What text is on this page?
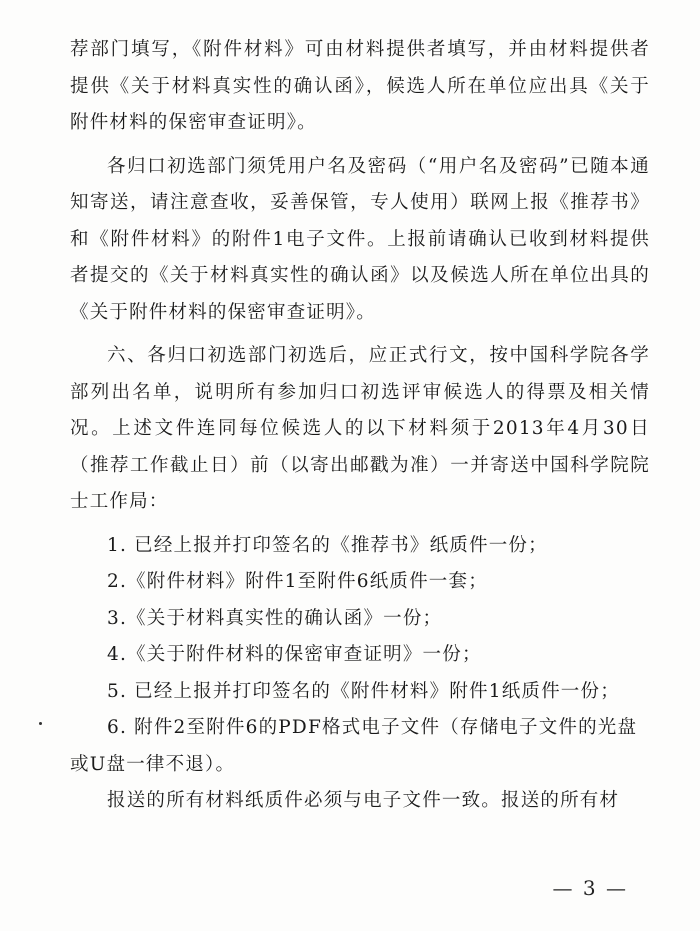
荐部门填写，《附件材料》可由材料提供者填写，并由材料提供者提供《关于材料真实性的确认函》，候选人所在单位应出具《关于附件材料的保密审查证明》。

各归口初选部门须凭用户名及密码（“用户名及密码”已随本通知寄送，请注意查收，妥善保管，专人使用）联网上报《推荐书》和《附件材料》的附件1电子文件。上报前请确认已收到材料提供者提交的《关于材料真实性的确认函》以及候选人所在单位出具的《关于附件材料的保密审查证明》。

六、各归口初选部门初选后，应正式行文，按中国科学院各学部列出名单，说明所有参加归口初选评审候选人的得票及相关情况。上述文件连同每位候选人的以下材料须于2013年4月30日（推荐工作截止日）前（以寄出邮戳为准）一并寄送中国科学院院士工作局：

1. 已经上报并打印签名的《推荐书》纸质件一份；

2.《附件材料》附件1至附件6纸质件一套；

3.《关于材料真实性的确认函》一份；

4.《关于附件材料的保密审查证明》一份；

5. 已经上报并打印签名的《附件材料》附件1纸质件一份；

6. 附件2至附件6的PDF格式电子文件（存储电子文件的光盘或U盘一律不退）。

报送的所有材料纸质件必须与电子文件一致。报送的所有材

— 3 —
